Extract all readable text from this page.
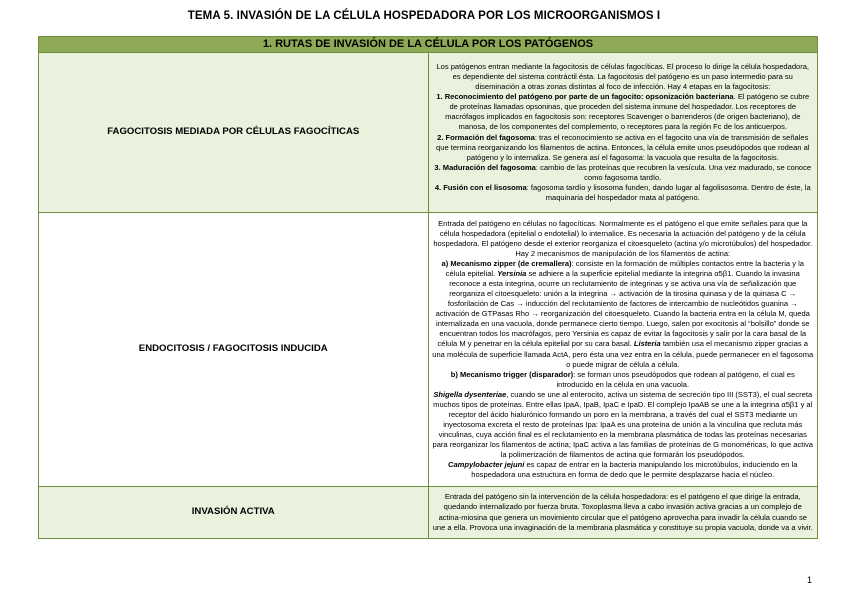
TEMA 5. INVASIÓN DE LA CÉLULA HOSPEDADORA POR LOS MICROORGANISMOS I
1. RUTAS DE INVASIÓN DE LA CÉLULA POR LOS PATÓGENOS	

FAGOCITOSIS MEDIADA POR CÉLULAS FAGOCÍTICAS	Los patógenos entran mediante la fagocitosis de células fagocíticas. El proceso lo dirige la célula hospedadora, es dependiente del sistema contráctil ésta. La fagocitosis del patógeno es un paso intermedio para su diseminación a otras zonas distintas al foco de infección. Hay 4 etapas en la fagocitosis:

1. Reconocimiento del patógeno por parte de un fagocito: opsonización bacteriana. El patógeno se cubre de proteínas llamadas opsoninas, que proceden del sistema inmune del hospedador. Los receptores de macrófagos implicados en fagocitosis son: receptores Scavenger o barrenderos (de origen bacteriano), de manosa, de los componentes del complemento, o receptores para la región Fc de los anticuerpos.

2. Formación del fagosoma: tras el reconocimiento se activa en el fagocito una vía de transmisión de señales que termina reorganizando los filamentos de actina. Entonces, la célula emite unos pseudópodos que rodean al patógeno y lo internaliza. Se genera así el fagosoma: la vacuola que resulta de la fagocitosis.

3. Maduración del fagosoma: cambio de las proteínas que recubren la vesícula. Una vez madurado, se conoce como fagosoma tardío.

4. Fusión con el lisosoma: fagosoma tardío y lisosoma funden, dando lugar al fagolisosoma. Dentro de éste, la maquinaria del hospedador mata al patógeno.

ENDOCITOSIS / FAGOCITOSIS INDUCIDA	Entrada del patógeno en células no fagocíticas. Normalmente es el patógeno el que emite señales para que la célula hospedadora (epitelial o endotelial) lo internalice. Es necesaria la actuación del patógeno y de la célula hospedadora. El patógeno desde el exterior reorganiza el citoesqueleto (actina y/o microtúbulos) del hospedador. Hay 2 mecanismos de manipulación de los filamentos de actina:

a) Mecanismo zipper (de cremallera): consiste en la formación de múltiples contactos entre la bacteria y la célula epitelial. Yersinia se adhiere a la superficie epitelial mediante la integrina α5β1. Cuando la invasina reconoce a esta integrina, ocurre un reclutamiento de integrinas y se activa una vía de señalización que reorganiza el citoesqueleto: unión a la integrina → activación de la tirosina quinasa y de la quinasa C → fosforilación de Cas → inducción del reclutamiento de factores de intercambio de nucleótidos guanina → activación de GTPasas Rho → reorganización del citoesqueleto. Cuando la bacteria entra en la célula M, queda internalizada en una vacuola, donde permanece cierto tiempo. Luego, salen por exocitosis al “bolsillo” donde se encuentran todos los macrófagos, pero Yersinia es capaz de evitar la fagocitosis y salir por la cara basal de la célula M y penetrar en la célula epitelial por su cara basal. Listeria también usa el mecanismo zipper gracias a una molécula de superficie llamada ActA, pero ésta una vez entra en la célula, puede permanecer en el fagosoma o puede migrar de célula a célula.

b) Mecanismo trigger (disparador): se forman unos pseudópodos que rodean al patógeno, el cual es introducido en la célula en una vacuola.

Shigella dysenteriae, cuando se une al enterocito, activa un sistema de secreción tipo III (SST3), el cual secreta muchos tipos de proteínas. Entre ellas IpaA, IpaB, IpaC e IpaD. El complejo IpaAB se une a la integrina α5β1 y al receptor del ácido hialurónico formando un poro en la membrana, a través del cual el SST3 mediante un inyectosoma excreta el resto de proteínas Ipa: IpaA es una proteína de unión a la vinculina que recluta más vinculinas, cuya acción final es el reclutamiento en la membrana plasmática de todas las proteínas necesarias para reorganizar los filamentos de actina; IpaC activa a las familias de proteínas de G monoméricas, lo que activa la polimerización de filamentos de actina que formarán los pseudópodos.

Campylobacter jejuni es capaz de entrar en la bacteria manipulando los microtúbulos, induciendo en la hospedadora una estructura en forma de dedo que le permite desplazarse hacia el núcleo.

INVASIÓN ACTIVA	Entrada del patógeno sin la intervención de la célula hospedadora: es el patógeno el que dirige la entrada, quedando internalizado por fuerza bruta. Toxoplasma lleva a cabo invasión activa gracias a un complejo de actina-miosina que genera un movimiento circular que el patógeno aprovecha para invadir la célula cuando se une a ella. Provoca una invaginación de la membrana plasmática y constituye su propia vacuola, donde va a vivir.

1
